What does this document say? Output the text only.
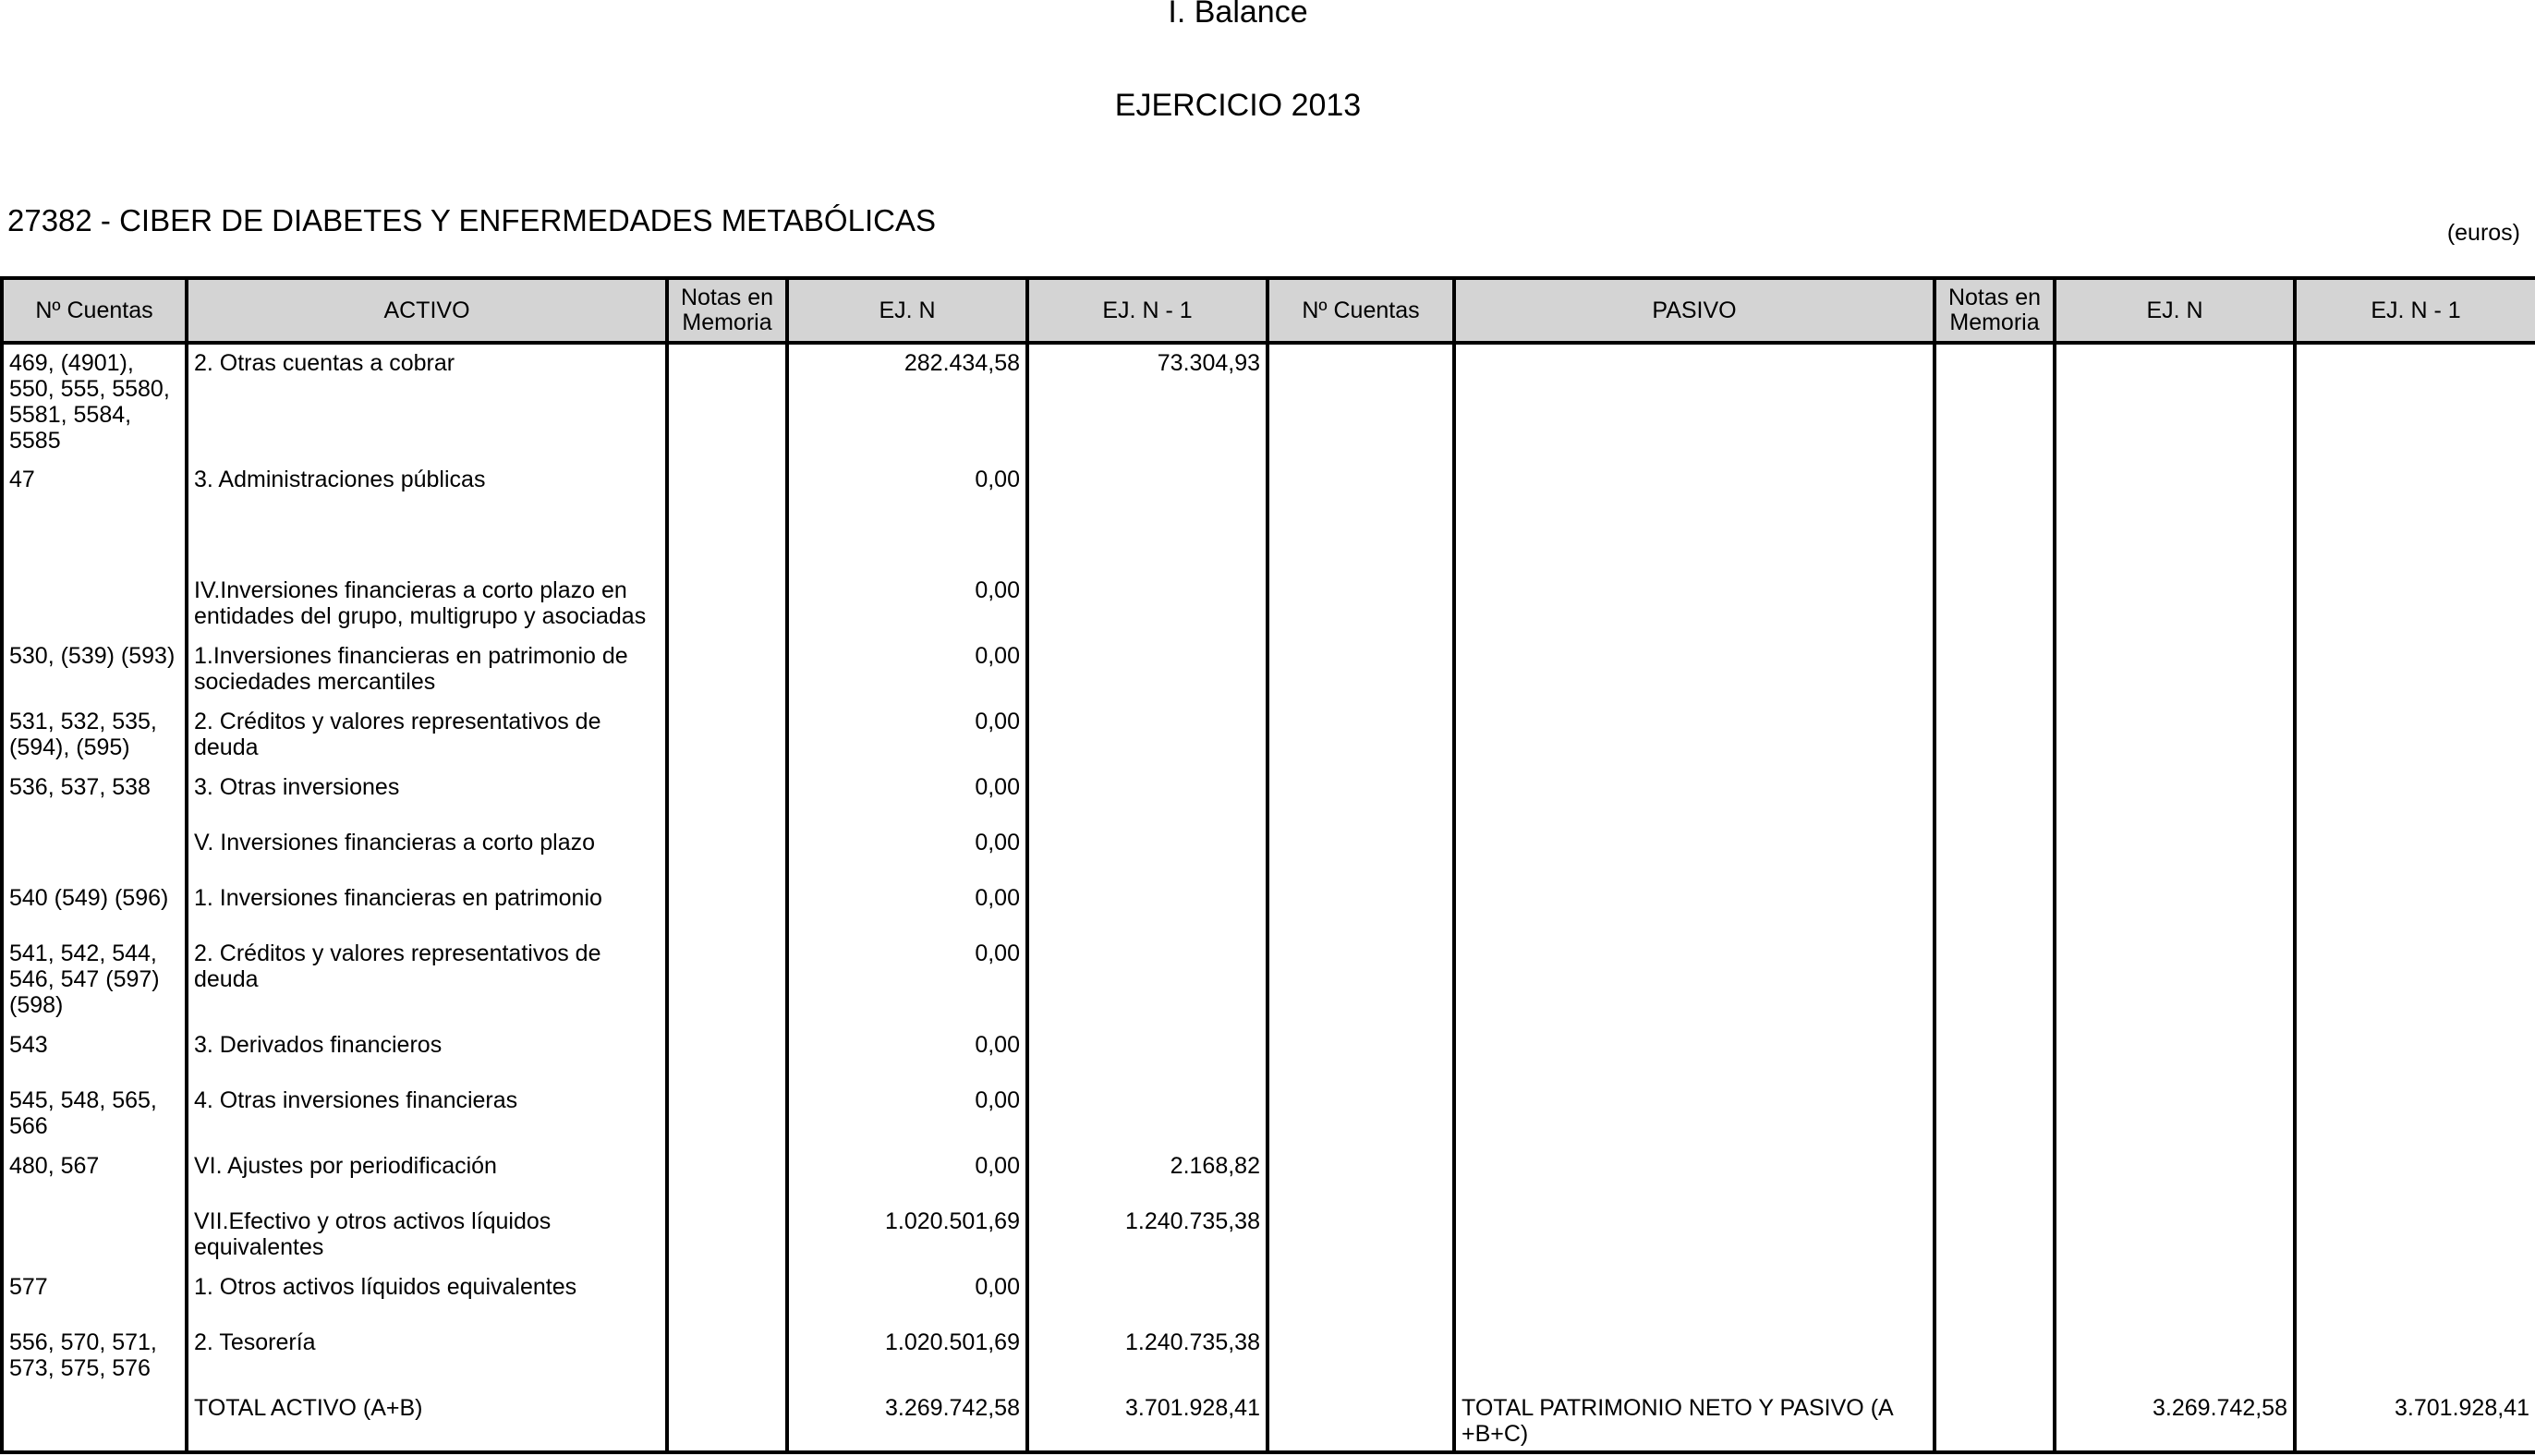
I. Balance
EJERCICIO 2013
27382 - CIBER DE DIABETES Y ENFERMEDADES METABÓLICAS	(euros)
Nº Cuentas	ACTIVO	Notas en Memoria	EJ. N	EJ. N - 1	Nº Cuentas	PASIVO	Notas en Memoria	EJ. N	EJ. N - 1
469, (4901), 550, 555, 5580, 5581, 5584, 5585	2. Otras cuentas a cobrar		282.434,58	73.304,93					
47	3. Administraciones públicas		0,00						
	IV.Inversiones financieras a corto plazo en entidades del grupo, multigrupo y asociadas		0,00						
530, (539) (593)	1.Inversiones financieras en patrimonio de sociedades mercantiles		0,00						
531, 532, 535, (594), (595)	2. Créditos y valores representativos de deuda		0,00						
536, 537, 538	3. Otras inversiones		0,00						
	V. Inversiones financieras a corto plazo		0,00						
540 (549) (596)	1. Inversiones financieras en patrimonio		0,00						
541, 542, 544, 546, 547 (597) (598)	2. Créditos y valores representativos de deuda		0,00						
543	3. Derivados financieros		0,00						
545, 548, 565, 566	4. Otras inversiones financieras		0,00						
480, 567	VI. Ajustes por periodificación		0,00	2.168,82					
	VII.Efectivo y otros activos líquidos equivalentes		1.020.501,69	1.240.735,38					
577	1. Otros activos líquidos equivalentes		0,00						
556, 570, 571, 573, 575, 576	2. Tesorería		1.020.501,69	1.240.735,38					
	TOTAL ACTIVO (A+B)		3.269.742,58	3.701.928,41		TOTAL PATRIMONIO NETO Y PASIVO (A +B+C)		3.269.742,58	3.701.928,41
